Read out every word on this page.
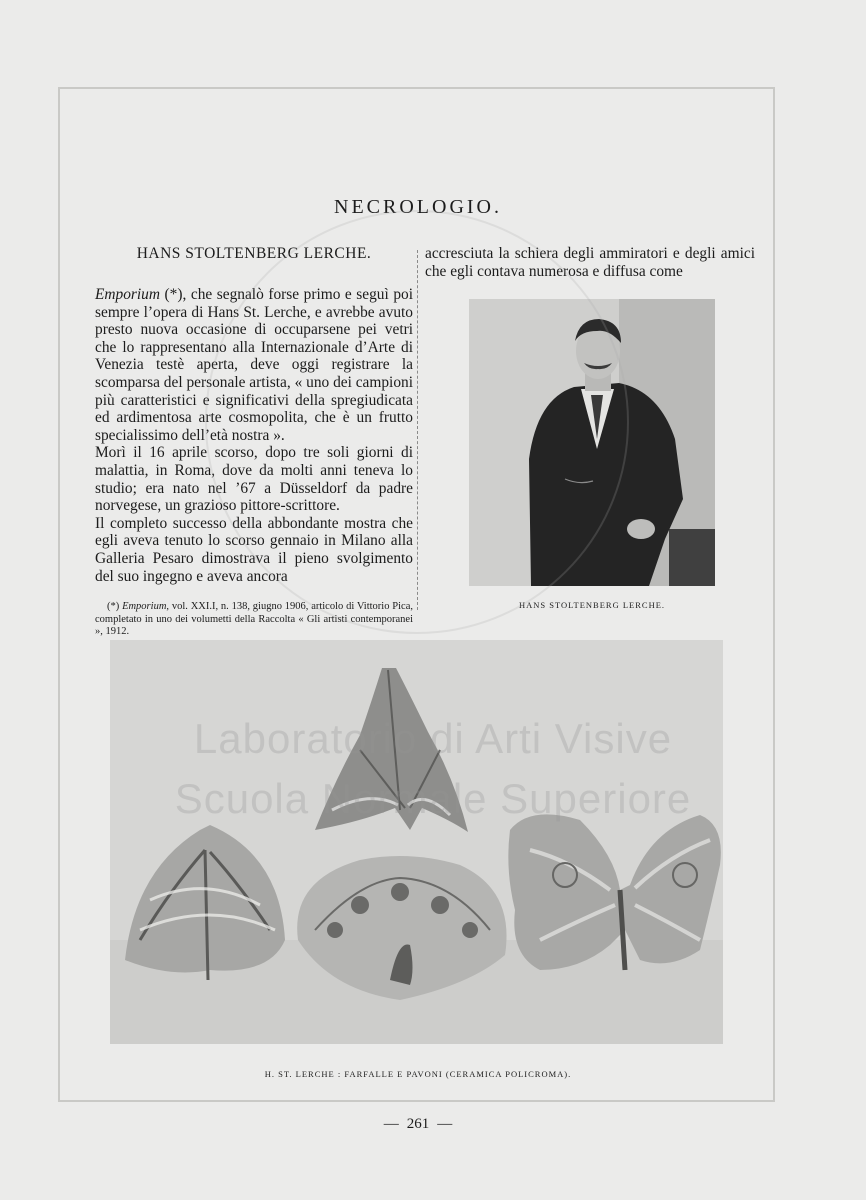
NECROLOGIO.
HANS STOLTENBERG LERCHE.

Emporium (*), che segnalò forse primo e seguì poi sempre l’opera di Hans St. Lerche, e avrebbe avuto presto nuova occasione di occuparsene pei vetri che lo rappresentano alla Internazionale d’Arte di Venezia testè aperta, deve oggi registrare la scomparsa del personale artista, « uno dei campioni più caratteristici e significativi della spregiudicata ed ardimentosa arte cosmopolita, che è un frutto specialissimo dell’età nostra ».

Morì il 16 aprile scorso, dopo tre soli giorni di malattia, in Roma, dove da molti anni teneva lo studio; era nato nel ’67 a Düsseldorf da padre norvegese, un grazioso pittore-scrittore.

Il completo successo della abbondante mostra che egli aveva tenuto lo scorso gennaio in Milano alla Galleria Pesaro dimostrava il pieno svolgimento del suo ingegno e aveva ancora

(*) Emporium, vol. XXI.I, n. 138, giugno 1906, articolo di Vittorio Pica, completato in uno dei volumetti della Raccolta « Gli artisti contemporanei », 1912.

accresciuta la schiera degli ammiratori e degli amici che egli contava numerosa e diffusa come

HANS STOLTENBERG LERCHE.
H. ST. LERCHE : FARFALLE E PAVONI (CERAMICA POLICROMA).
Laboratorio di Arti Visive
Scuola Normale Superiore
— 261 —
